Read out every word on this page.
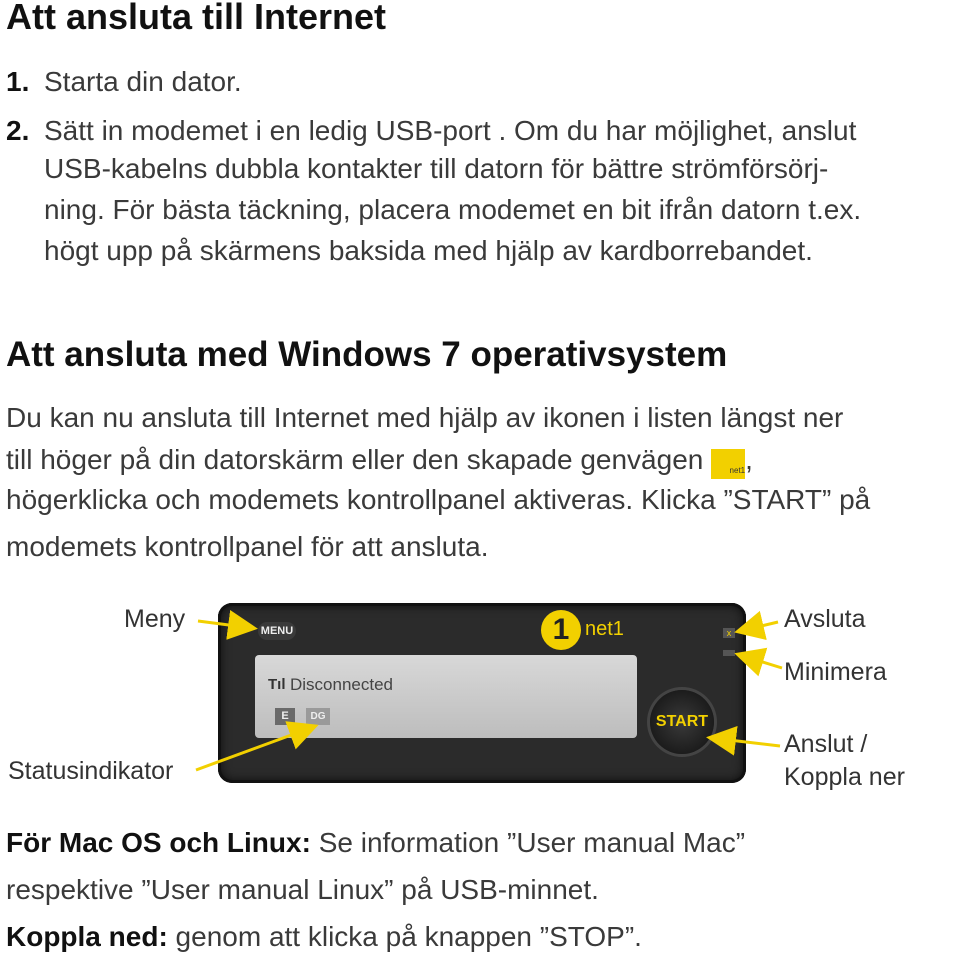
Att ansluta till Internet
1. Starta din dator.
2. Sätt in modemet i en ledig USB-port . Om du har möjlighet, anslut
USB-kabelns dubbla kontakter till datorn för bättre strömförsörj-
ning. För bästa täckning, placera modemet en bit ifrån datorn t.ex.
högt upp på skärmens baksida med hjälp av kardborrebandet.
Att ansluta med Windows 7 operativsystem
Du kan nu ansluta till Internet med hjälp av ikonen i listen längst ner
till höger på din datorskärm eller den skapade genvägen	net1,
högerklicka och modemets kontrollpanel aktiveras. Klicka ”START” på
modemets kontrollpanel för att ansluta.
MENU	1 net1	x
Tıl Disconnected
E	DG	START
Meny	Avsluta
Minimera
Statusindikator
Anslut /
Koppla ner
För Mac OS och Linux: Se information ”User manual Mac”
respektive ”User manual Linux” på USB-minnet.
Koppla ned: genom att klicka på knappen ”STOP”.
